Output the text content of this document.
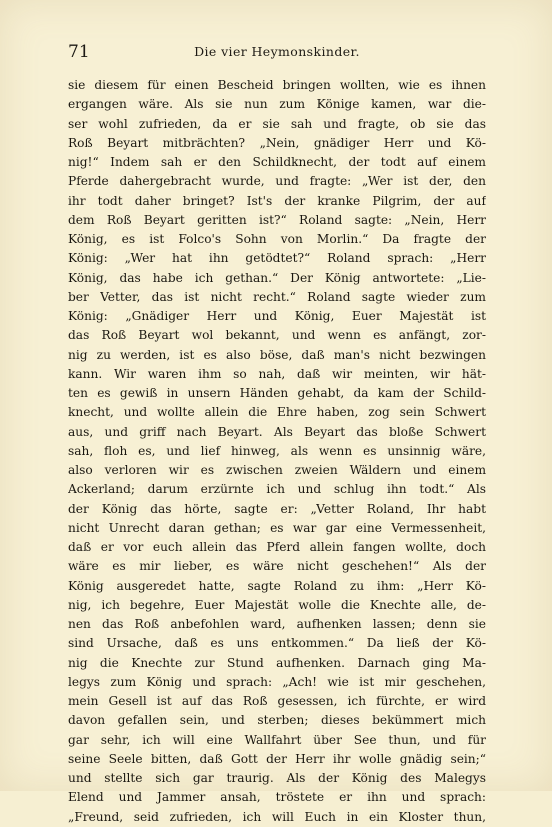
71	Die vier Heymonskinder.
sie diesem für einen Bescheid bringen wollten, wie es ihnen
ergangen wäre. Als sie nun zum Könige kamen, war die-
ser wohl zufrieden, da er sie sah und fragte, ob sie das
Roß Beyart mitbrächten? „Nein, gnädiger Herr und Kö-
nig!“ Indem sah er den Schildknecht, der todt auf einem
Pferde dahergebracht wurde, und fragte: „Wer ist der, den
ihr todt daher bringet? Ist's der kranke Pilgrim, der auf
dem Roß Beyart geritten ist?“ Roland sagte: „Nein, Herr
König, es ist Folco's Sohn von Morlin.“ Da fragte der
König: „Wer hat ihn getödtet?“ Roland sprach: „Herr
König, das habe ich gethan.“ Der König antwortete: „Lie-
ber Vetter, das ist nicht recht.“ Roland sagte wieder zum
König: „Gnädiger Herr und König, Euer Majestät ist
das Roß Beyart wol bekannt, und wenn es anfängt, zor-
nig zu werden, ist es also böse, daß man's nicht bezwingen
kann. Wir waren ihm so nah, daß wir meinten, wir hät-
ten es gewiß in unsern Händen gehabt, da kam der Schild-
knecht, und wollte allein die Ehre haben, zog sein Schwert
aus, und griff nach Beyart. Als Beyart das bloße Schwert
sah, floh es, und lief hinweg, als wenn es unsinnig wäre,
also verloren wir es zwischen zweien Wäldern und einem
Ackerland; darum erzürnte ich und schlug ihn todt.“ Als
der König das hörte, sagte er: „Vetter Roland, Ihr habt
nicht Unrecht daran gethan; es war gar eine Vermessenheit,
daß er vor euch allein das Pferd allein fangen wollte, doch
wäre es mir lieber, es wäre nicht geschehen!“ Als der
König ausgeredet hatte, sagte Roland zu ihm: „Herr Kö-
nig, ich begehre, Euer Majestät wolle die Knechte alle, de-
nen das Roß anbefohlen ward, aufhenken lassen; denn sie
sind Ursache, daß es uns entkommen.“ Da ließ der Kö-
nig die Knechte zur Stund aufhenken. Darnach ging Ma-
legys zum König und sprach: „Ach! wie ist mir geschehen,
mein Gesell ist auf das Roß gesessen, ich fürchte, er wird
davon gefallen sein, und sterben; dieses bekümmert mich
gar sehr, ich will eine Wallfahrt über See thun, und für
seine Seele bitten, daß Gott der Herr ihr wolle gnädig sein;“
und stellte sich gar traurig. Als der König des Malegys
Elend und Jammer ansah, tröstete er ihn und sprach:
„Freund, seid zufrieden, ich will Euch in ein Kloster thun,
